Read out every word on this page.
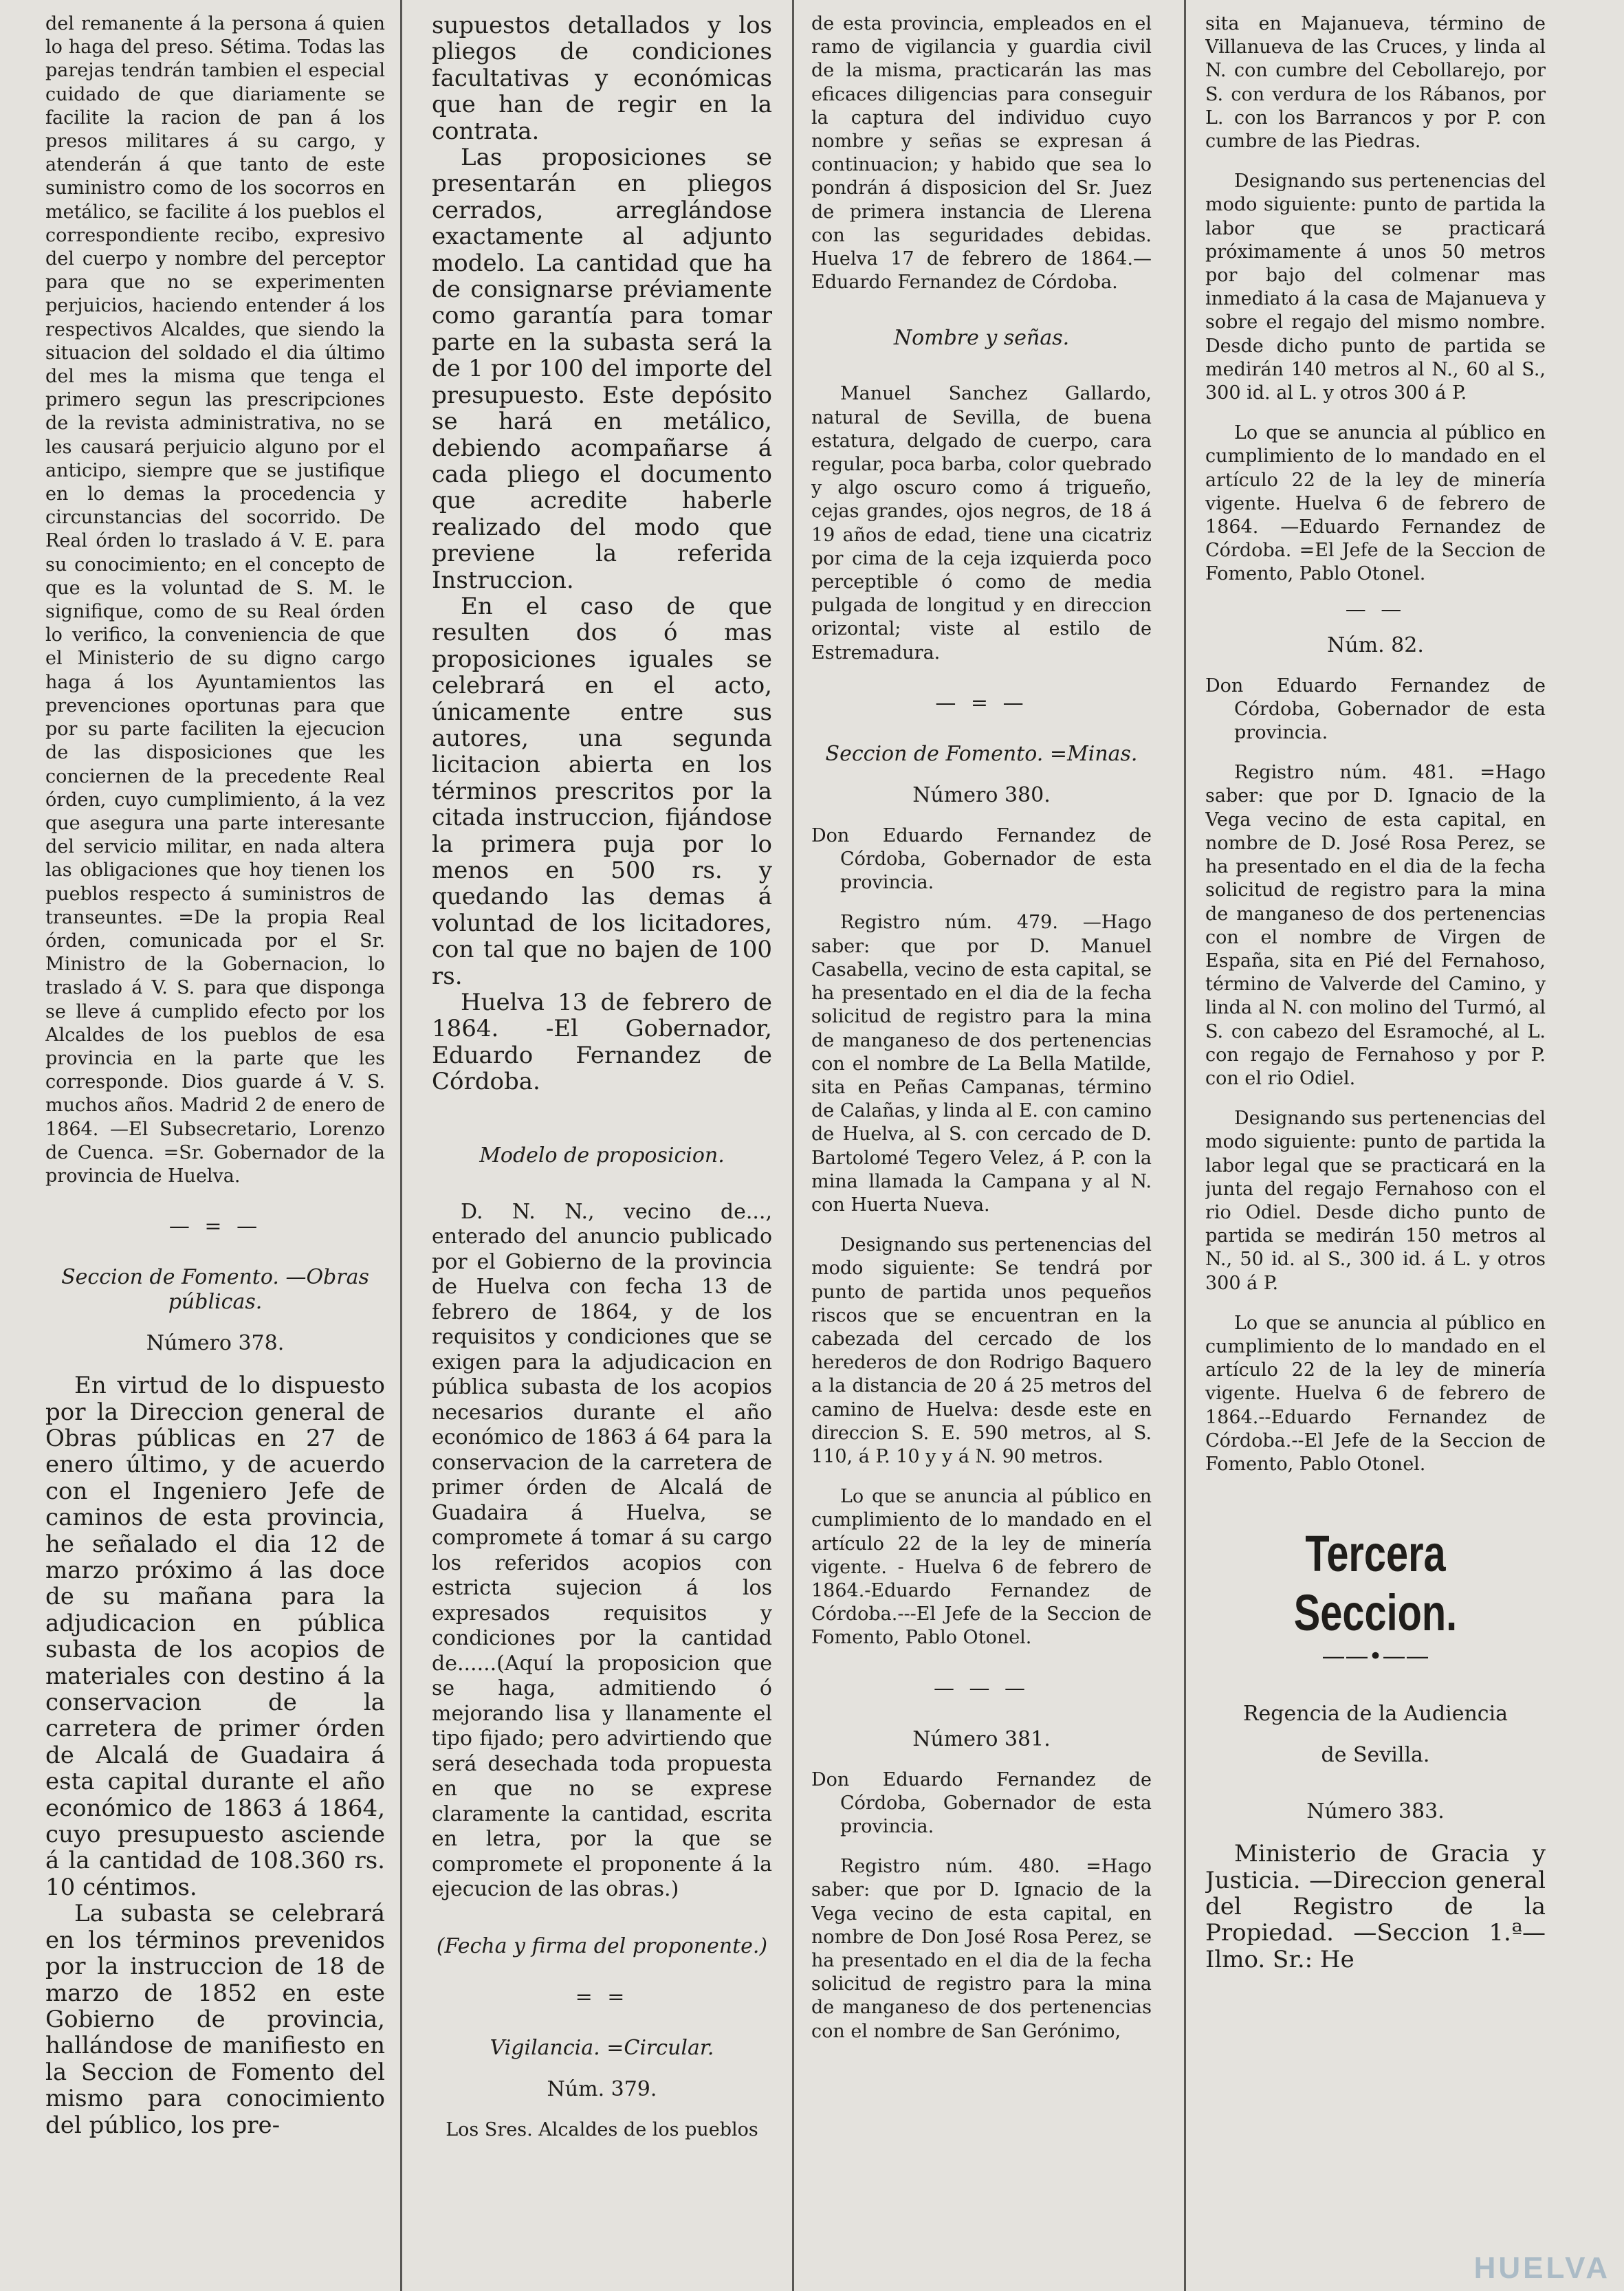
del remanente á la persona á quien lo haga del preso. Sétima. Todas las parejas tendrán tambien el especial cuidado de que diariamente se facilite la racion de pan á los presos militares á su cargo, y atenderán á que tanto de este suministro como de los socorros en metálico, se facilite á los pueblos el correspondiente recibo, expresivo del cuerpo y nombre del perceptor para que no se experimenten perjuicios, haciendo entender á los respectivos Alcaldes, que siendo la situacion del soldado el dia último del mes la misma que tenga el primero segun las prescripciones de la revista administrativa, no se les causará perjuicio alguno por el anticipo, siempre que se justifique en lo demas la procedencia y circunstancias del socorrido. De Real órden lo traslado á V. E. para su conocimiento; en el concepto de que es la voluntad de S. M. le signifique, como de su Real órden lo verifico, la conveniencia de que el Ministerio de su digno cargo haga á los Ayuntamientos las prevenciones oportunas para que por su parte faciliten la ejecucion de las disposiciones que les conciernen de la precedente Real órden, cuyo cumplimiento, á la vez que asegura una parte interesante del servicio militar, en nada altera las obligaciones que hoy tienen los pueblos respecto á suministros de transeuntes. =De la propia Real órden, comunicada por el Sr. Ministro de la Gobernacion, lo traslado á V. S. para que disponga se lleve á cumplido efecto por los Alcaldes de los pueblos de esa provincia en la parte que les corresponde. Dios guarde á V. S. muchos años. Madrid 2 de enero de 1864. —El Subsecretario, Lorenzo de Cuenca. =Sr. Gobernador de la provincia de Huelva.

— = —

Seccion de Fomento. —Obras públicas.

Número 378.

En virtud de lo dispuesto por la Direccion general de Obras públicas en 27 de enero último, y de acuerdo con el Ingeniero Jefe de caminos de esta provincia, he señalado el dia 12 de marzo próximo á las doce de su mañana para la adjudicacion en pública subasta de los acopios de materiales con destino á la conservacion de la carretera de primer órden de Alcalá de Guadaira á esta capital durante el año económico de 1863 á 1864, cuyo presupuesto asciende á la cantidad de 108.360 rs. 10 céntimos.

La subasta se celebrará en los términos prevenidos por la instruccion de 18 de marzo de 1852 en este Gobierno de provincia, hallándose de manifiesto en la Seccion de Fomento del mismo para conocimiento del público, los pre-

supuestos detallados y los pliegos de condiciones facultativas y económicas que han de regir en la contrata.

Las proposiciones se presentarán en pliegos cerrados, arreglándose exactamente al adjunto modelo. La cantidad que ha de consignarse préviamente como garantía para tomar parte en la subasta será la de 1 por 100 del importe del presupuesto. Este depósito se hará en metálico, debiendo acompañarse á cada pliego el documento que acredite haberle realizado del modo que previene la referida Instruccion.

En el caso de que resulten dos ó mas proposiciones iguales se celebrará en el acto, únicamente entre sus autores, una segunda licitacion abierta en los términos prescritos por la citada instruccion, fijándose la primera puja por lo menos en 500 rs. y quedando las demas á voluntad de los licitadores, con tal que no bajen de 100 rs.

Huelva 13 de febrero de 1864. -El Gobernador, Eduardo Fernandez de Córdoba.

Modelo de proposicion.

D. N. N., vecino de..., enterado del anuncio publicado por el Gobierno de la provincia de Huelva con fecha 13 de febrero de 1864, y de los requisitos y condiciones que se exigen para la adjudicacion en pública subasta de los acopios necesarios durante el año económico de 1863 á 64 para la conservacion de la carretera de primer órden de Alcalá de Guadaira á Huelva, se compromete á tomar á su cargo los referidos acopios con estricta sujecion á los expresados requisitos y condiciones por la cantidad de......(Aquí la proposicion que se haga, admitiendo ó mejorando lisa y llanamente el tipo fijado; pero advirtiendo que será desechada toda propuesta en que no se exprese claramente la cantidad, escrita en letra, por la que se compromete el proponente á la ejecucion de las obras.)

(Fecha y firma del proponente.)

= =

Vigilancia. =Circular.

Núm. 379.

Los Sres. Alcaldes de los pueblos

de esta provincia, empleados en el ramo de vigilancia y guardia civil de la misma, practicarán las mas eficaces diligencias para conseguir la captura del individuo cuyo nombre y señas se expresan á continuacion; y habido que sea lo pondrán á disposicion del Sr. Juez de primera instancia de Llerena con las seguridades debidas. Huelva 17 de febrero de 1864.—Eduardo Fernandez de Córdoba.

Nombre y señas.

Manuel Sanchez Gallardo, natural de Sevilla, de buena estatura, delgado de cuerpo, cara regular, poca barba, color quebrado y algo oscuro como á trigueño, cejas grandes, ojos negros, de 18 á 19 años de edad, tiene una cicatriz por cima de la ceja izquierda poco perceptible ó como de media pulgada de longitud y en direccion orizontal; viste al estilo de Estremadura.

— = —

Seccion de Fomento. =Minas.

Número 380.

Don Eduardo Fernandez de Córdoba, Gobernador de esta provincia.

Registro núm. 479. —Hago saber: que por D. Manuel Casabella, vecino de esta capital, se ha presentado en el dia de la fecha solicitud de registro para la mina de manganeso de dos pertenencias con el nombre de La Bella Matilde, sita en Peñas Campanas, término de Calañas, y linda al E. con camino de Huelva, al S. con cercado de D. Bartolomé Tegero Velez, á P. con la mina llamada la Campana y al N. con Huerta Nueva.

Designando sus pertenencias del modo siguiente: Se tendrá por punto de partida unos pequeños riscos que se encuentran en la cabezada del cercado de los herederos de don Rodrigo Baquero a la distancia de 20 á 25 metros del camino de Huelva: desde este en direccion S. E. 590 metros, al S. 110, á P. 10 y y á N. 90 metros.

Lo que se anuncia al público en cumplimiento de lo mandado en el artículo 22 de la ley de minería vigente. - Huelva 6 de febrero de 1864.-Eduardo Fernandez de Córdoba.---El Jefe de la Seccion de Fomento, Pablo Otonel.

— — —

Número 381.

Don Eduardo Fernandez de Córdoba, Gobernador de esta provincia.

Registro núm. 480. =Hago saber: que por D. Ignacio de la Vega vecino de esta capital, en nombre de Don José Rosa Perez, se ha presentado en el dia de la fecha solicitud de registro para la mina de manganeso de dos pertenencias con el nombre de San Gerónimo,

sita en Majanueva, término de Villanueva de las Cruces, y linda al N. con cumbre del Cebollarejo, por S. con verdura de los Rábanos, por L. con los Barrancos y por P. con cumbre de las Piedras.

Designando sus pertenencias del modo siguiente: punto de partida la labor que se practicará próximamente á unos 50 metros por bajo del colmenar mas inmediato á la casa de Majanueva y sobre el regajo del mismo nombre. Desde dicho punto de partida se medirán 140 metros al N., 60 al S., 300 id. al L. y otros 300 á P.

Lo que se anuncia al público en cumplimiento de lo mandado en el artículo 22 de la ley de minería vigente. Huelva 6 de febrero de 1864. —Eduardo Fernandez de Córdoba. =El Jefe de la Seccion de Fomento, Pablo Otonel.

— —

Núm. 82.

Don Eduardo Fernandez de Córdoba, Gobernador de esta provincia.

Registro núm. 481. =Hago saber: que por D. Ignacio de la Vega vecino de esta capital, en nombre de D. José Rosa Perez, se ha presentado en el dia de la fecha solicitud de registro para la mina de manganeso de dos pertenencias con el nombre de Virgen de España, sita en Pié del Fernahoso, término de Valverde del Camino, y linda al N. con molino del Turmó, al S. con cabezo del Esramoché, al L. con regajo de Fernahoso y por P. con el rio Odiel.

Designando sus pertenencias del modo siguiente: punto de partida la labor legal que se practicará en la junta del regajo Fernahoso con el rio Odiel. Desde dicho punto de partida se medirán 150 metros al N., 50 id. al S., 300 id. á L. y otros 300 á P.

Lo que se anuncia al público en cumplimiento de lo mandado en el artículo 22 de la ley de minería vigente. Huelva 6 de febrero de 1864.--Eduardo Fernandez de Córdoba.--El Jefe de la Seccion de Fomento, Pablo Otonel.

Tercera Seccion.

——•——

Regencia de la Audiencia

de Sevilla.

Número 383.

Ministerio de Gracia y Justicia. —Direccion general del Registro de la Propiedad. —Seccion 1.ª— Ilmo. Sr.: He

HUELVA
